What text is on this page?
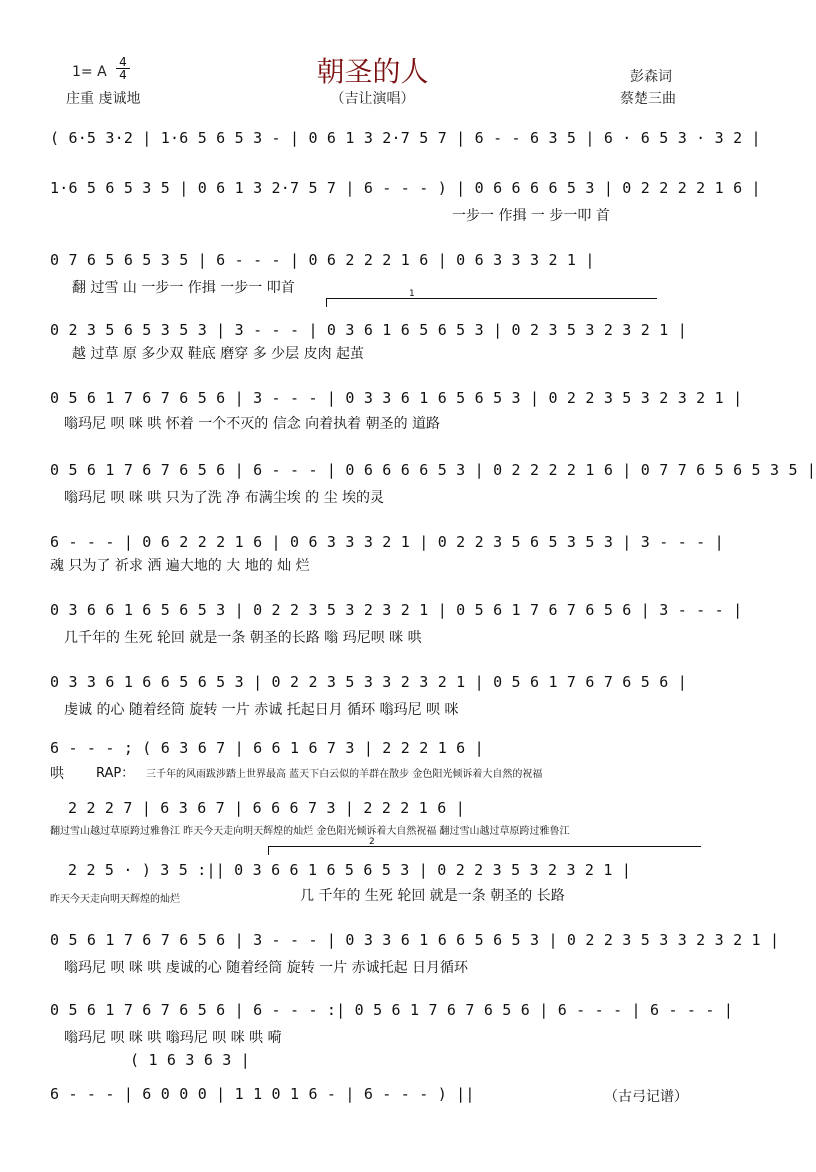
1= A
4
4
庄重 虔诚地
朝圣的人
（吉让演唱）
彭森词
蔡楚三曲
1
( 6·5 3·2 | 1·6 5 6 5 3 - | 0 6 1 3 2·7 5 7 | 6 - - 6 3 5 | 6 · 6 5 3 · 3 2 |
1·6 5 6 5 3 5 | 0 6 1 3 2·7 5 7 | 6 - - - ) | 0 6 6 6 6 5 3 | 0 2 2 2 2 1 6 |
一步一 作揖 一 步一叩 首
0 7 6 5 6 5 3 5 | 6 - - - | 0 6 2 2 2 1 6 | 0 6 3 3 3 2 1 |
翻 过雪 山 一步一 作揖 一步一 叩首
0 2 3 5 6 5 3 5 3 | 3 - - - | 0 3 6 1 6 5 6 5 3 | 0 2 3 5 3 2 3 2 1 |
越 过草 原 多少双 鞋底 磨穿 多 少层 皮肉 起茧
0 5 6 1 7 6 7 6 5 6 | 3 - - - | 0 3 3 6 1 6 5 6 5 3 | 0 2 2 3 5 3 2 3 2 1 |
嗡玛尼 呗 咪 哄 怀着 一个不灭的 信念 向着执着 朝圣的 道路
0 5 6 1 7 6 7 6 5 6 | 6 - - - | 0 6 6 6 6 5 3 | 0 2 2 2 2 1 6 | 0 7 7 6 5 6 5 3 5 |
嗡玛尼 呗 咪 哄 只为了洗 净 布满尘埃 的 尘 埃的灵
6 - - - | 0 6 2 2 2 1 6 | 0 6 3 3 3 2 1 | 0 2 2 3 5 6 5 3 5 3 | 3 - - - |
魂 只为了 祈求 洒 遍大地的 大 地的 灿 烂
0 3 6 6 1 6 5 6 5 3 | 0 2 2 3 5 3 2 3 2 1 | 0 5 6 1 7 6 7 6 5 6 | 3 - - - |
几千年的 生死 轮回 就是一条 朝圣的长路 嗡 玛尼呗 咪 哄
0 3 3 6 1 6 6 5 6 5 3 | 0 2 2 3 5 3 3 2 3 2 1 | 0 5 6 1 7 6 7 6 5 6 |
虔诚 的心 随着经筒 旋转 一片 赤诚 托起日月 循环 嗡玛尼 呗 咪
6 - - - ; ( 6 3 6 7 | 6 6 1 6 7 3 | 2 2 2 1 6 |
哄	RAP： 三千年的风雨跋涉踏上世界最高 蓝天下白云似的羊群在散步 金色阳光倾诉着大自然的祝福
2 2 2 7 | 6 3 6 7 | 6 6 6 7 3 | 2 2 2 1 6 |
翻过雪山越过草原跨过雅鲁江 昨天今天走向明天辉煌的灿烂 金色阳光倾诉着大自然祝福 翻过雪山越过草原跨过雅鲁江
2
2 2 5 · ) 3 5 :|| 0 3 6 6 1 6 5 6 5 3 | 0 2 2 3 5 3 2 3 2 1 |
昨天今天走向明天辉煌的灿烂	几 千年的 生死 轮回 就是一条 朝圣的 长路
0 5 6 1 7 6 7 6 5 6 | 3 - - - | 0 3 3 6 1 6 6 5 6 5 3 | 0 2 2 3 5 3 3 2 3 2 1 |
嗡玛尼 呗 咪 哄 虔诚的心 随着经筒 旋转 一片 赤诚托起 日月循环
0 5 6 1 7 6 7 6 5 6 | 6 - - - :| 0 5 6 1 7 6 7 6 5 6 | 6 - - - | 6 - - - |
嗡玛尼 呗 咪 哄 嗡玛尼 呗 咪 哄 嗬
( 1 6 3 6 3 |
6 - - - | 6 0 0 0 | 1 1 0 1 6 - | 6 - - - ) ||	（古弓记谱）
